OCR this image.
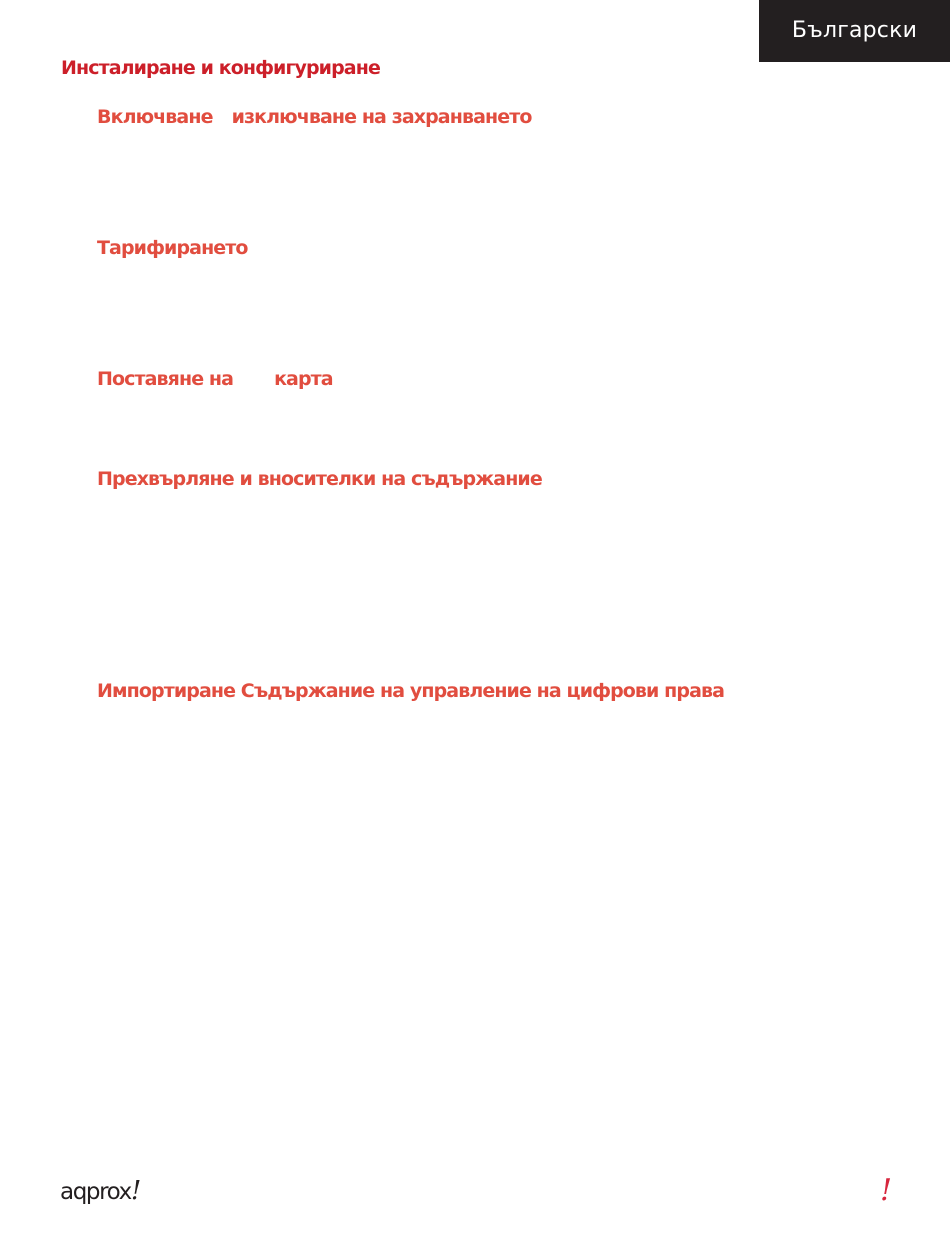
Български
Инсталиране и конфигуриране
Включване изключване на захранването
Тарифирането
Поставяне на карта
Прехвърляне и вносителки на съдържание
Импортиране Съдържание на управление на цифрови права
aqprox!	!
